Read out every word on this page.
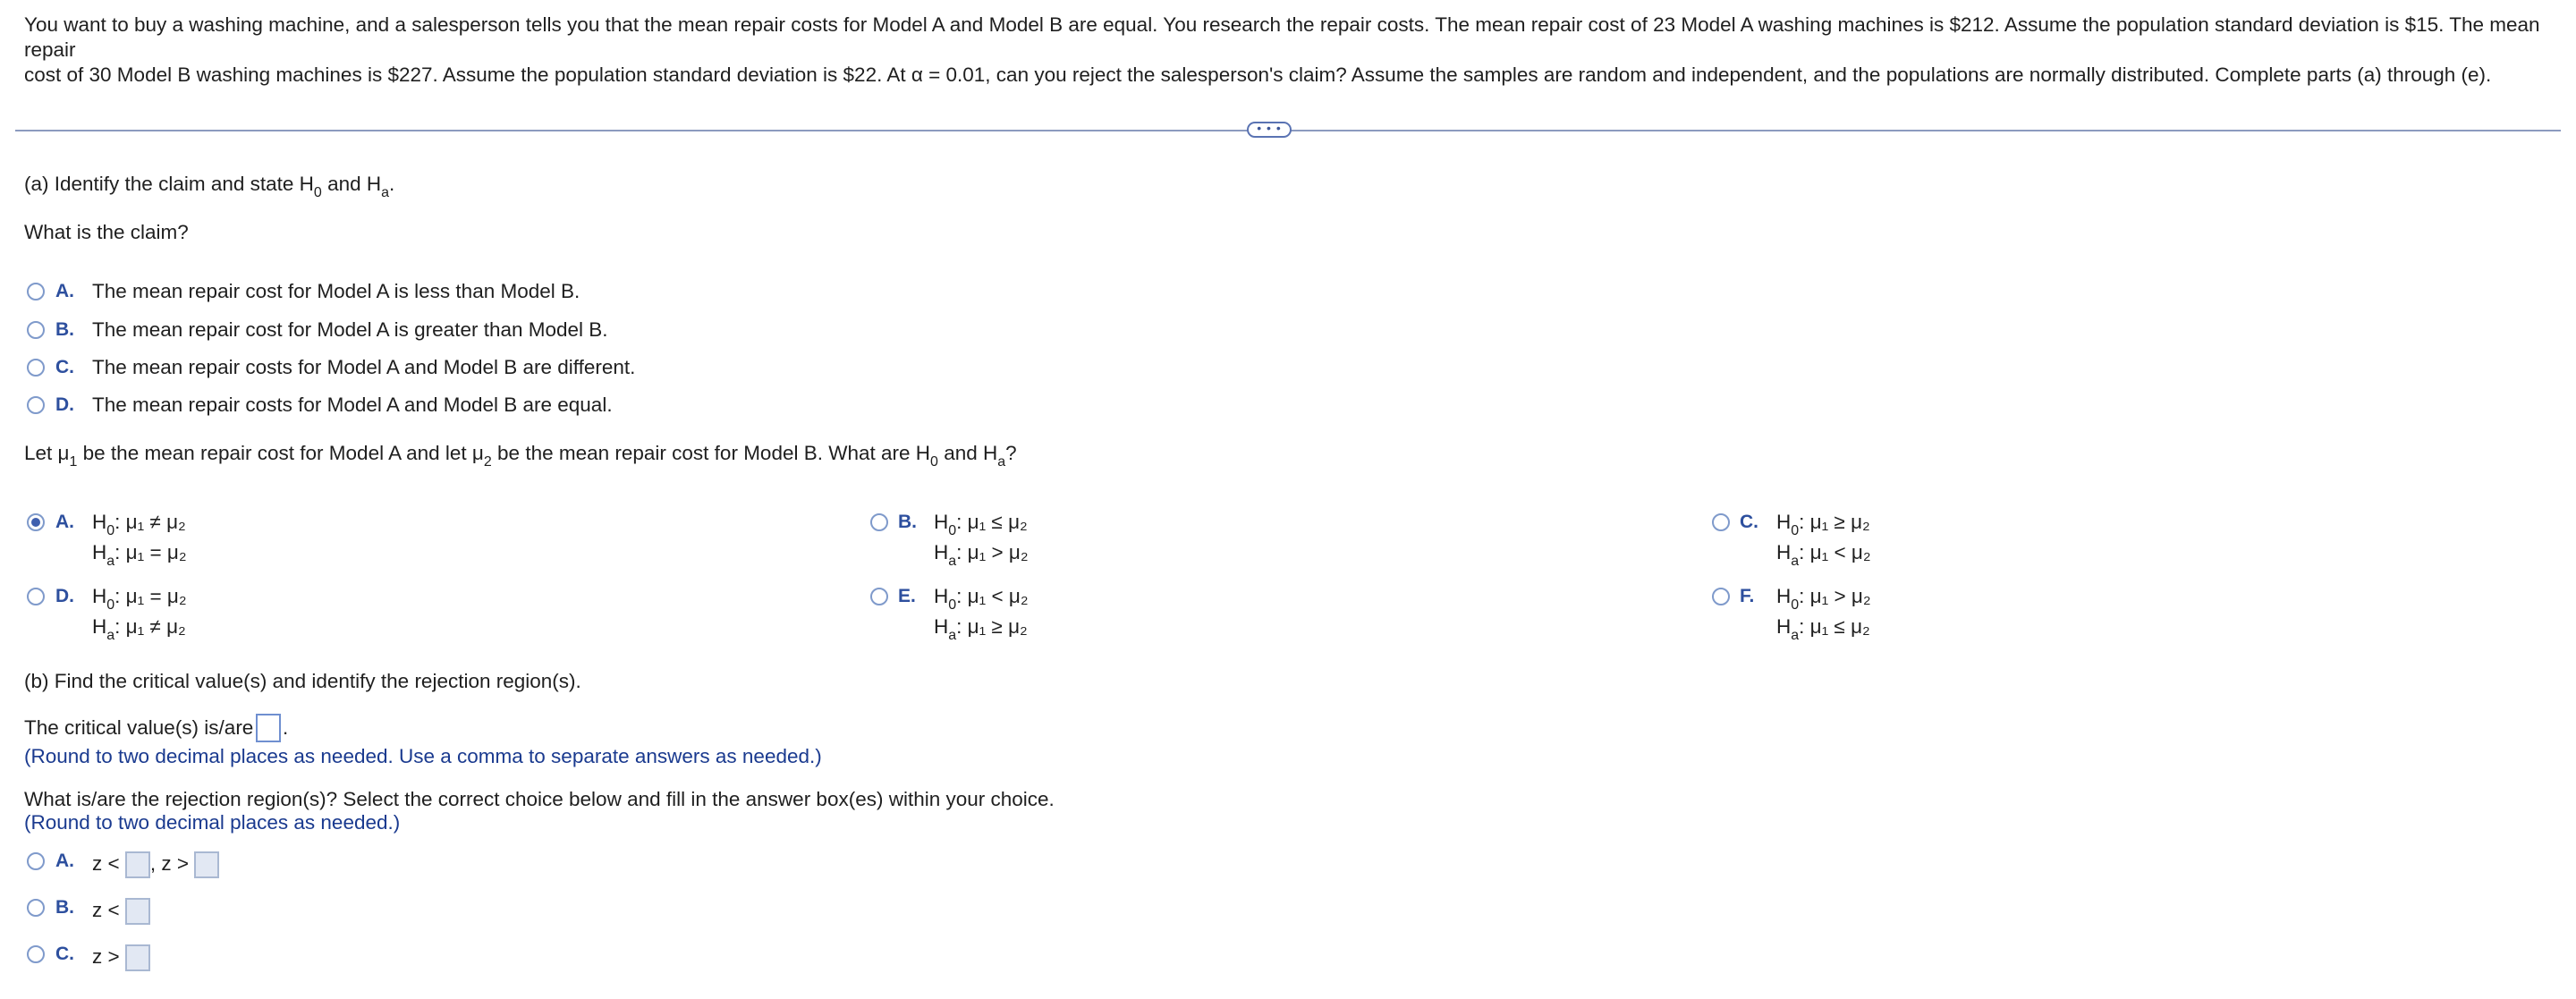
You want to buy a washing machine, and a salesperson tells you that the mean repair costs for Model A and Model B are equal. You research the repair costs. The mean repair cost of 23 Model A washing machines is $212. Assume the population standard deviation is $15. The mean repair
cost of 30 Model B washing machines is $227. Assume the population standard deviation is $22. At α = 0.01, can you reject the salesperson's claim? Assume the samples are random and independent, and the populations are normally distributed. Complete parts (a) through (e).
• • •
(a) Identify the claim and state $H_0$ and $H_a$.
What is the claim?
A. The mean repair cost for Model A is less than Model B.
B. The mean repair cost for Model A is greater than Model B.
C. The mean repair costs for Model A and Model B are different.
D. The mean repair costs for Model A and Model B are equal.
Let $\mu_1$ be the mean repair cost for Model A and let $\mu_2$ be the mean repair cost for Model B. What are $H_0$ and $H_a$?
A. $H_0$: μ₁ ≠ μ₂
$H_a$: μ₁ = μ₂
B. $H_0$: μ₁ ≤ μ₂
$H_a$: μ₁ > μ₂
C. $H_0$: μ₁ ≥ μ₂
$H_a$: μ₁ < μ₂
D. $H_0$: μ₁ = μ₂
$H_a$: μ₁ ≠ μ₂
E. $H_0$: μ₁ < μ₂
$H_a$: μ₁ ≥ μ₂
F. $H_0$: μ₁ > μ₂
$H_a$: μ₁ ≤ μ₂
(b) Find the critical value(s) and identify the rejection region(s).
The critical value(s) is/are .
(Round to two decimal places as needed. Use a comma to separate answers as needed.)
What is/are the rejection region(s)? Select the correct choice below and fill in the answer box(es) within your choice.
(Round to two decimal places as needed.)
A. z < , z >
B. z <
C. z >
